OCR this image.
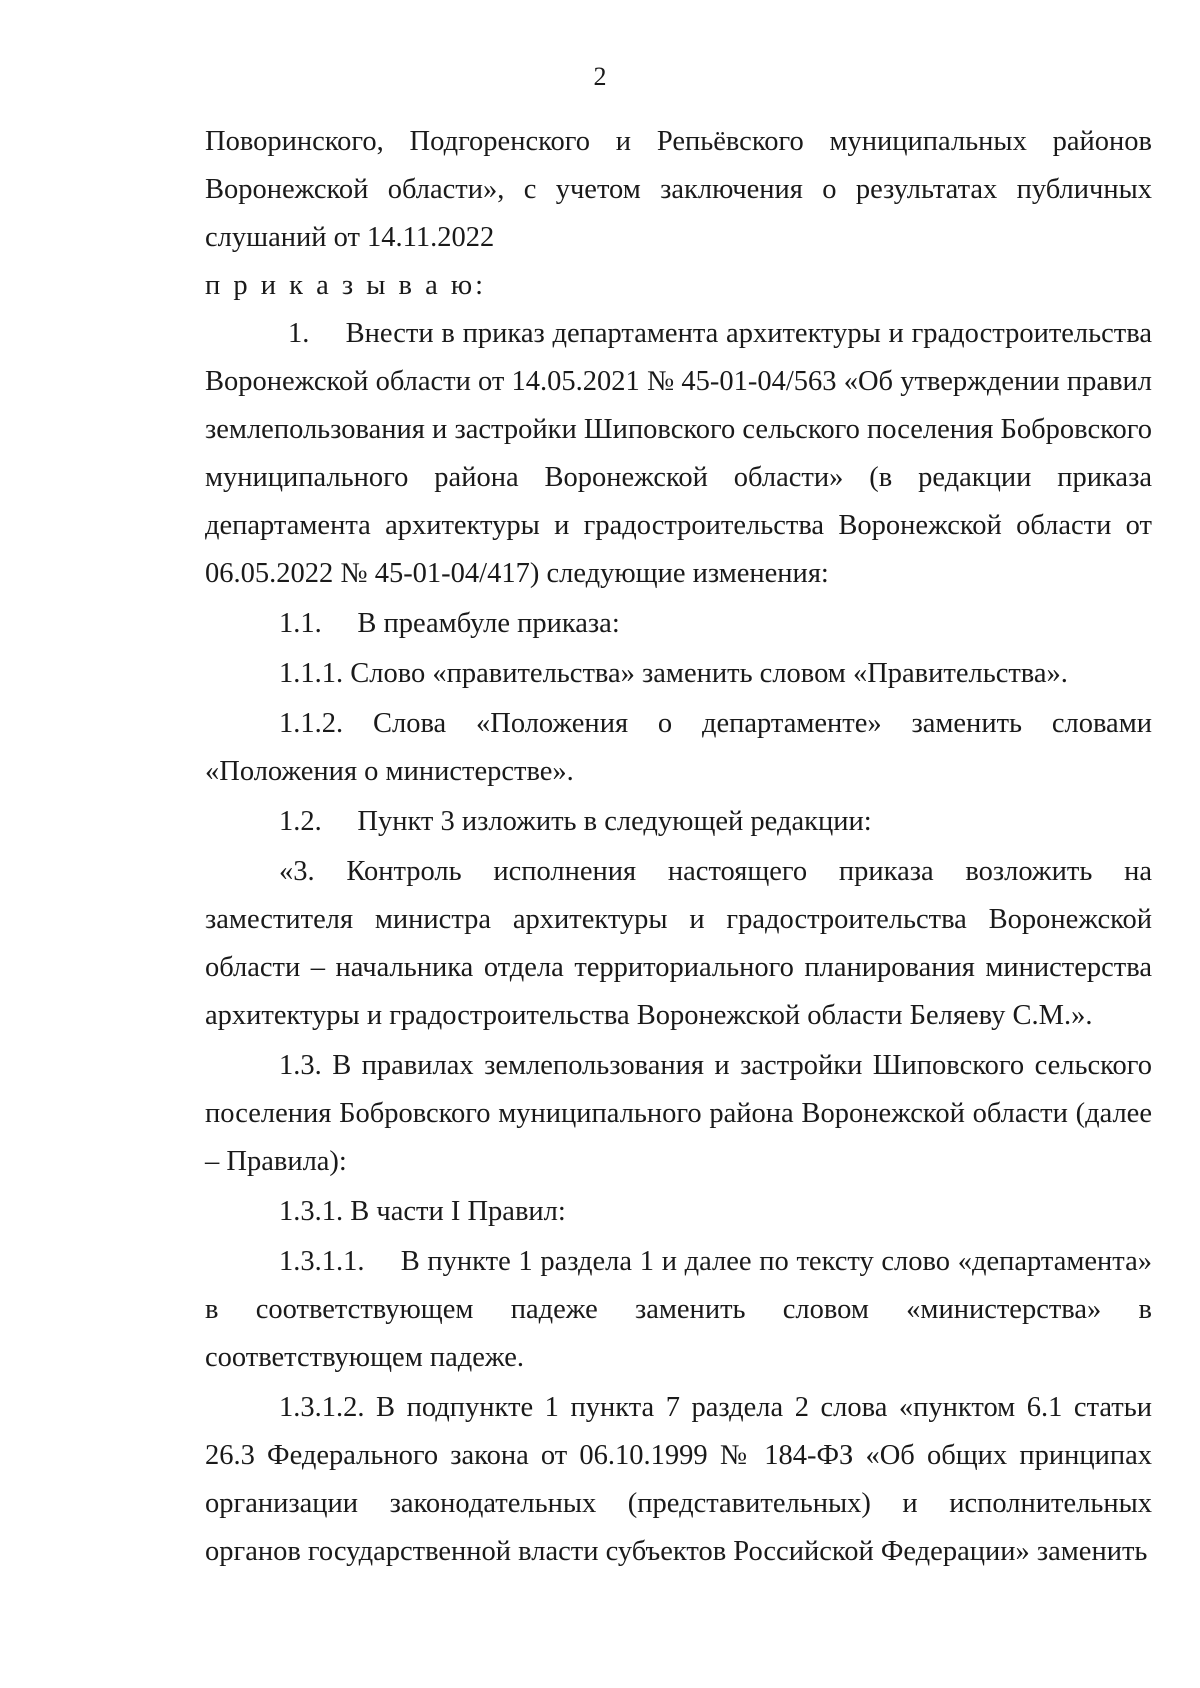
2

Поворинского, Подгоренского и Репьёвского муниципальных районов Воронежской области», с учетом заключения о результатах публичных слушаний от 14.11.2022

п р и к а з ы в а ю:

1.  Внести в приказ департамента архитектуры и градостроительства Воронежской области от 14.05.2021 № 45-01-04/563 «Об утверждении правил землепользования и застройки Шиповского сельского поселения Бобровского муниципального района Воронежской области» (в редакции приказа департамента архитектуры и градостроительства Воронежской области от 06.05.2022 № 45-01-04/417) следующие изменения:

1.1.  В преамбуле приказа:

1.1.1. Слово «правительства» заменить словом «Правительства».

1.1.2. Слова «Положения о департаменте» заменить словами «Положения о министерстве».

1.2.  Пункт 3 изложить в следующей редакции:

«3. Контроль исполнения настоящего приказа возложить на заместителя министра архитектуры и градостроительства Воронежской области – начальника отдела территориального планирования министерства архитектуры и градостроительства Воронежской области Беляеву С.М.».

1.3. В правилах землепользования и застройки Шиповского сельского поселения Бобровского муниципального района Воронежской области (далее – Правила):

1.3.1. В части I Правил:

1.3.1.1.  В пункте 1 раздела 1 и далее по тексту слово «департамента» в соответствующем падеже заменить словом «министерства» в соответствующем падеже.

1.3.1.2. В подпункте 1 пункта 7 раздела 2 слова «пунктом 6.1 статьи 26.3 Федерального закона от 06.10.1999 № 184-ФЗ «Об общих принципах организации законодательных (представительных) и исполнительных органов государственной власти субъектов Российской Федерации» заменить
